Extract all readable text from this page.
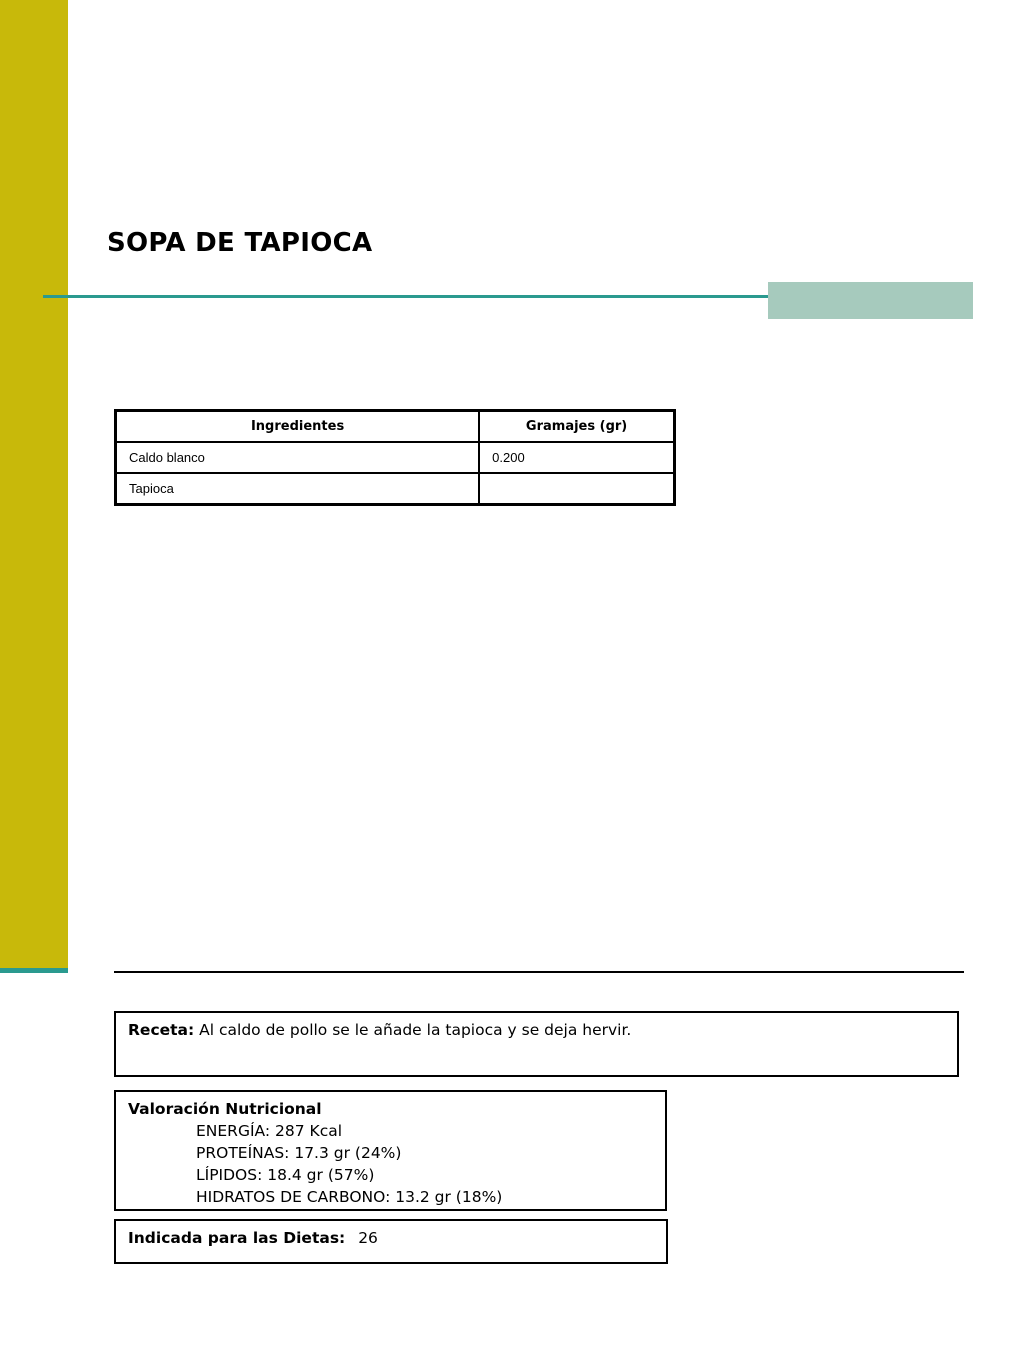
SOPA DE TAPIOCA
Ingredientes	Gramajes (gr)
Caldo blanco	0.200
Tapioca	
Receta: Al caldo de pollo se le añade la tapioca y se deja hervir.
Valoración Nutricional
ENERGÍA: 287 Kcal
PROTEÍNAS: 17.3 gr (24%)
LÍPIDOS: 18.4 gr (57%)
HIDRATOS DE CARBONO: 13.2 gr (18%)
Indicada para las Dietas: 26
